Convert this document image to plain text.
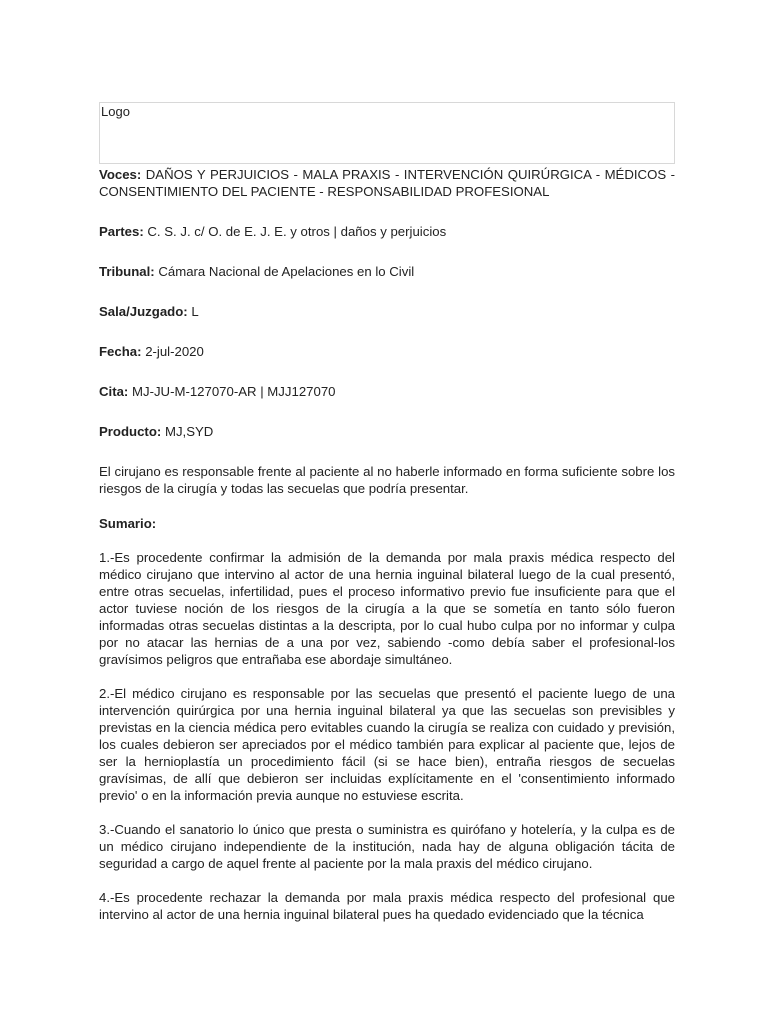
Logo

Voces: DAÑOS Y PERJUICIOS - MALA PRAXIS - INTERVENCIÓN QUIRÚRGICA - MÉDICOS - CONSENTIMIENTO DEL PACIENTE - RESPONSABILIDAD PROFESIONAL

Partes: C. S. J. c/ O. de E. J. E. y otros | daños y perjuicios

Tribunal: Cámara Nacional de Apelaciones en lo Civil

Sala/Juzgado: L

Fecha: 2-jul-2020

Cita: MJ-JU-M-127070-AR | MJJ127070

Producto: MJ,SYD

El cirujano es responsable frente al paciente al no haberle informado en forma suficiente sobre los riesgos de la cirugía y todas las secuelas que podría presentar.

Sumario:

1.-Es procedente confirmar la admisión de la demanda por mala praxis médica respecto del médico cirujano que intervino al actor de una hernia inguinal bilateral luego de la cual presentó, entre otras secuelas, infertilidad, pues el proceso informativo previo fue insuficiente para que el actor tuviese noción de los riesgos de la cirugía a la que se sometía en tanto sólo fueron informadas otras secuelas distintas a la descripta, por lo cual hubo culpa por no informar y culpa por no atacar las hernias de a una por vez, sabiendo -como debía saber el profesional-los gravísimos peligros que entrañaba ese abordaje simultáneo.

2.-El médico cirujano es responsable por las secuelas que presentó el paciente luego de una intervención quirúrgica por una hernia inguinal bilateral ya que las secuelas son previsibles y previstas en la ciencia médica pero evitables cuando la cirugía se realiza con cuidado y previsión, los cuales debieron ser apreciados por el médico también para explicar al paciente que, lejos de ser la hernioplastía un procedimiento fácil (si se hace bien), entraña riesgos de secuelas gravísimas, de allí que debieron ser incluidas explícitamente en el 'consentimiento informado previo' o en la información previa aunque no estuviese escrita.

3.-Cuando el sanatorio lo único que presta o suministra es quirófano y hotelería, y la culpa es de un médico cirujano independiente de la institución, nada hay de alguna obligación tácita de seguridad a cargo de aquel frente al paciente por la mala praxis del médico cirujano.

4.-Es procedente rechazar la demanda por mala praxis médica respecto del profesional que intervino al actor de una hernia inguinal bilateral pues ha quedado evidenciado que la técnica
